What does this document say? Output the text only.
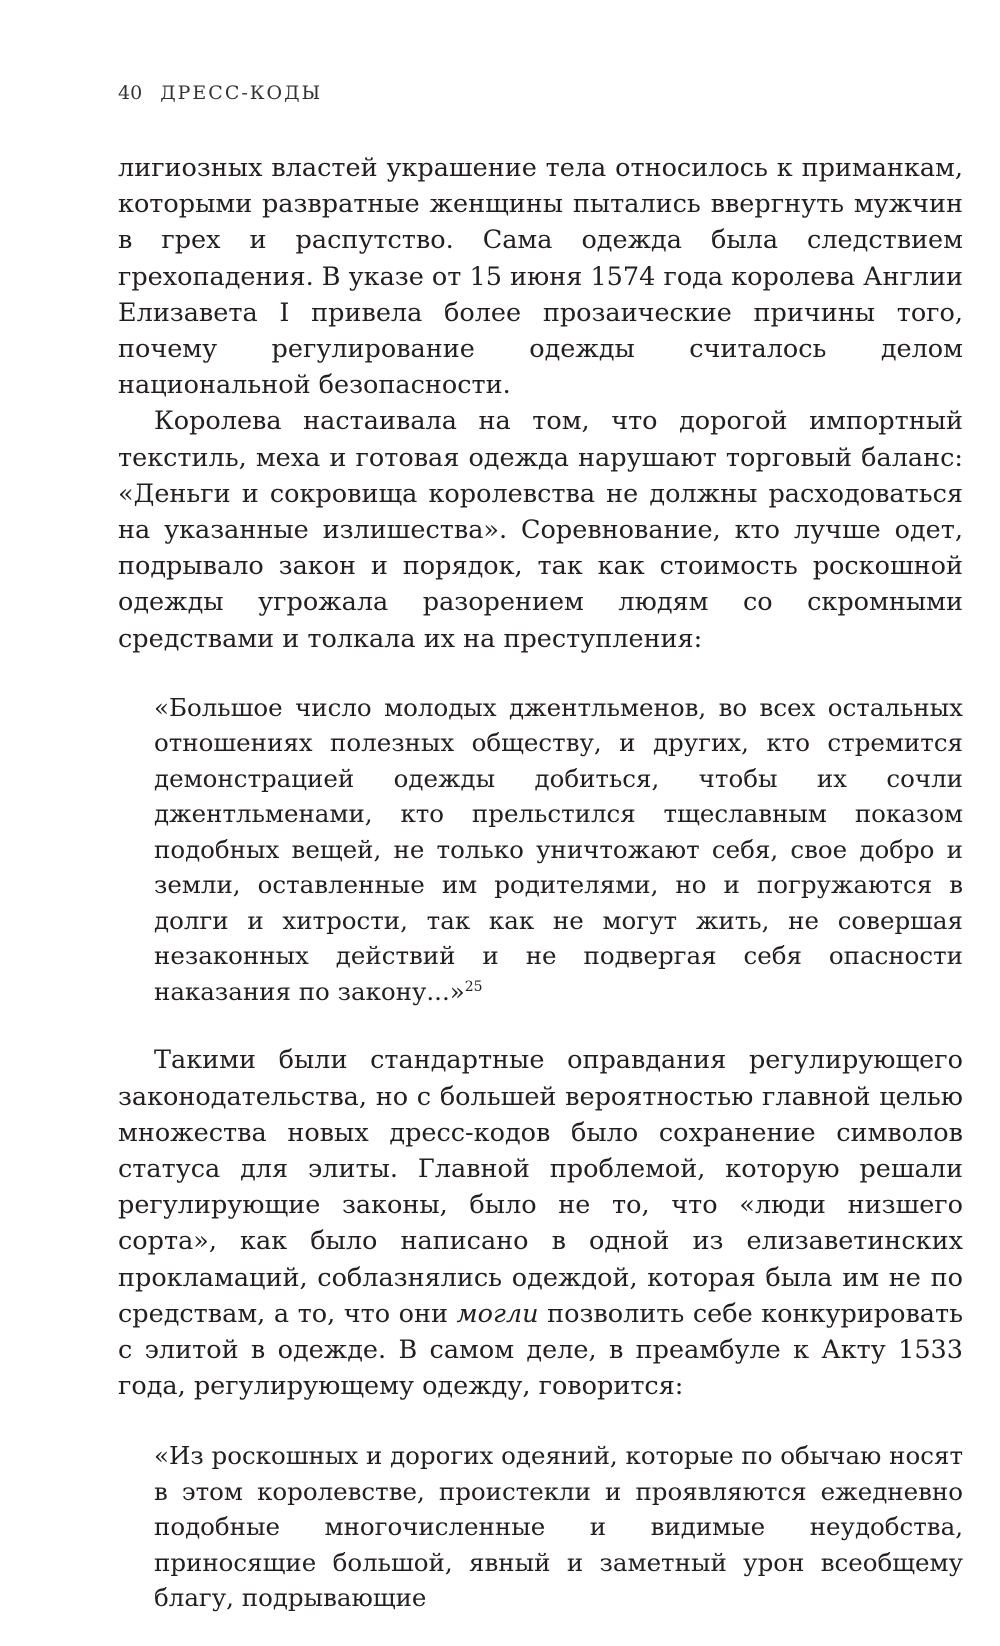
40 ДРЕСС-КОДЫ

лигиозных властей украшение тела относилось к приманкам, которыми развратные женщины пытались ввергнуть мужчин в грех и распутство. Сама одежда была следствием грехопадения. В указе от 15 июня 1574 года королева Англии Елизавета I привела более прозаические причины того, почему регулирование одежды считалось делом национальной безопасности.

Королева настаивала на том, что дорогой импортный текстиль, меха и готовая одежда нарушают торговый баланс: «Деньги и сокровища королевства не должны расходоваться на указанные излишества». Соревнование, кто лучше одет, подрывало закон и порядок, так как стоимость роскошной одежды угрожала разорением людям со скромными средствами и толкала их на преступления:

«Большое число молодых джентльменов, во всех остальных отношениях полезных обществу, и других, кто стремится демонстрацией одежды добиться, чтобы их сочли джентльменами, кто прельстился тщеславным показом подобных вещей, не только уничтожают себя, свое добро и земли, оставленные им родителями, но и погружаются в долги и хитрости, так как не могут жить, не совершая незаконных действий и не подвергая себя опасности наказания по закону...»$^{25}$

Такими были стандартные оправдания регулирующего законодательства, но с большей вероятностью главной целью множества новых дресс-кодов было сохранение символов статуса для элиты. Главной проблемой, которую решали регулирующие законы, было не то, что «люди низшего сорта», как было написано в одной из елизаветинских прокламаций, соблазнялись одеждой, которая была им не по средствам, а то, что они могли позволить себе конкурировать с элитой в одежде. В самом деле, в преамбуле к Акту 1533 года, регулирующему одежду, говорится:

«Из роскошных и дорогих одеяний, которые по обычаю носят в этом королевстве, проистекли и проявляются ежедневно подобные многочисленные и видимые неудобства, приносящие большой, явный и заметный урон всеобщему благу, подрывающие
